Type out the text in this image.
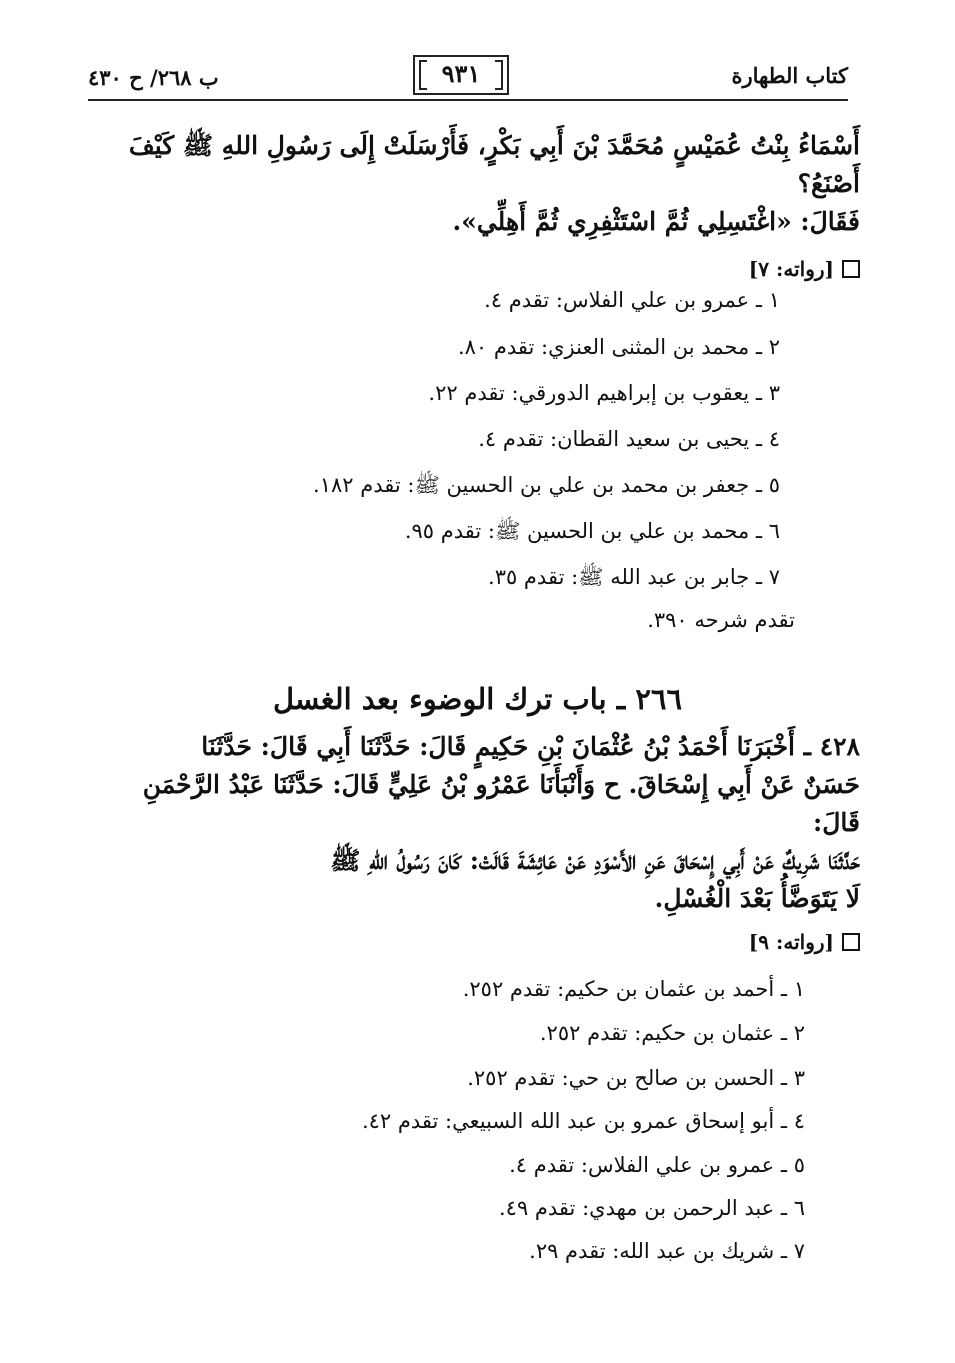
كتاب الطهارة
٩٣١
ب ٢٦٨/ ح ٤٣٠
أَسْمَاءُ بِنْتُ عُمَيْسٍ مُحَمَّدَ بْنَ أَبِي بَكْرٍ، فَأَرْسَلَتْ إِلَى رَسُولِ اللهِ ﷺ كَيْفَ أَصْنَعُ؟
فَقَالَ: «اغْتَسِلِي ثُمَّ اسْتَثْفِرِي ثُمَّ أَهِلِّي».
[رواته: ٧]
١ ـ عمرو بن علي الفلاس: تقدم ٤.
٢ ـ محمد بن المثنى العنزي: تقدم ٨٠.
٣ ـ يعقوب بن إبراهيم الدورقي: تقدم ٢٢.
٤ ـ يحيى بن سعيد القطان: تقدم ٤.
٥ ـ جعفر بن محمد بن علي بن الحسين ﷺ: تقدم ١٨٢.
٦ ـ محمد بن علي بن الحسين ﷺ: تقدم ٩٥.
٧ ـ جابر بن عبد الله ﷺ: تقدم ٣٥.
تقدم شرحه ٣٩٠.
٢٦٦ ـ باب ترك الوضوء بعد الغسل
٤٢٨ ـ أَخْبَرَنَا أَحْمَدُ بْنُ عُثْمَانَ بْنِ حَكِيمٍ قَالَ: حَدَّثَنَا أَبِي قَالَ: حَدَّثَنَا
حَسَنٌ عَنْ أَبِي إِسْحَاقَ. ح وَأَنْبَأَنَا عَمْرُو بْنُ عَلِيٍّ قَالَ: حَدَّثَنَا عَبْدُ الرَّحْمَنِ قَالَ:
حَدَّثَنَا شَرِيكٌ عَنْ أَبِي إِسْحَاقَ عَنِ الأَسْوَدِ عَنْ عَائِشَةَ قَالَتْ: كَانَ رَسُولُ اللهِ ﷺ
لَا يَتَوَضَّأُ بَعْدَ الْغُسْلِ.
[رواته: ٩]
١ ـ أحمد بن عثمان بن حكيم: تقدم ٢٥٢.
٢ ـ عثمان بن حكيم: تقدم ٢٥٢.
٣ ـ الحسن بن صالح بن حي: تقدم ٢٥٢.
٤ ـ أبو إسحاق عمرو بن عبد الله السبيعي: تقدم ٤٢.
٥ ـ عمرو بن علي الفلاس: تقدم ٤.
٦ ـ عبد الرحمن بن مهدي: تقدم ٤٩.
٧ ـ شريك بن عبد الله: تقدم ٢٩.
